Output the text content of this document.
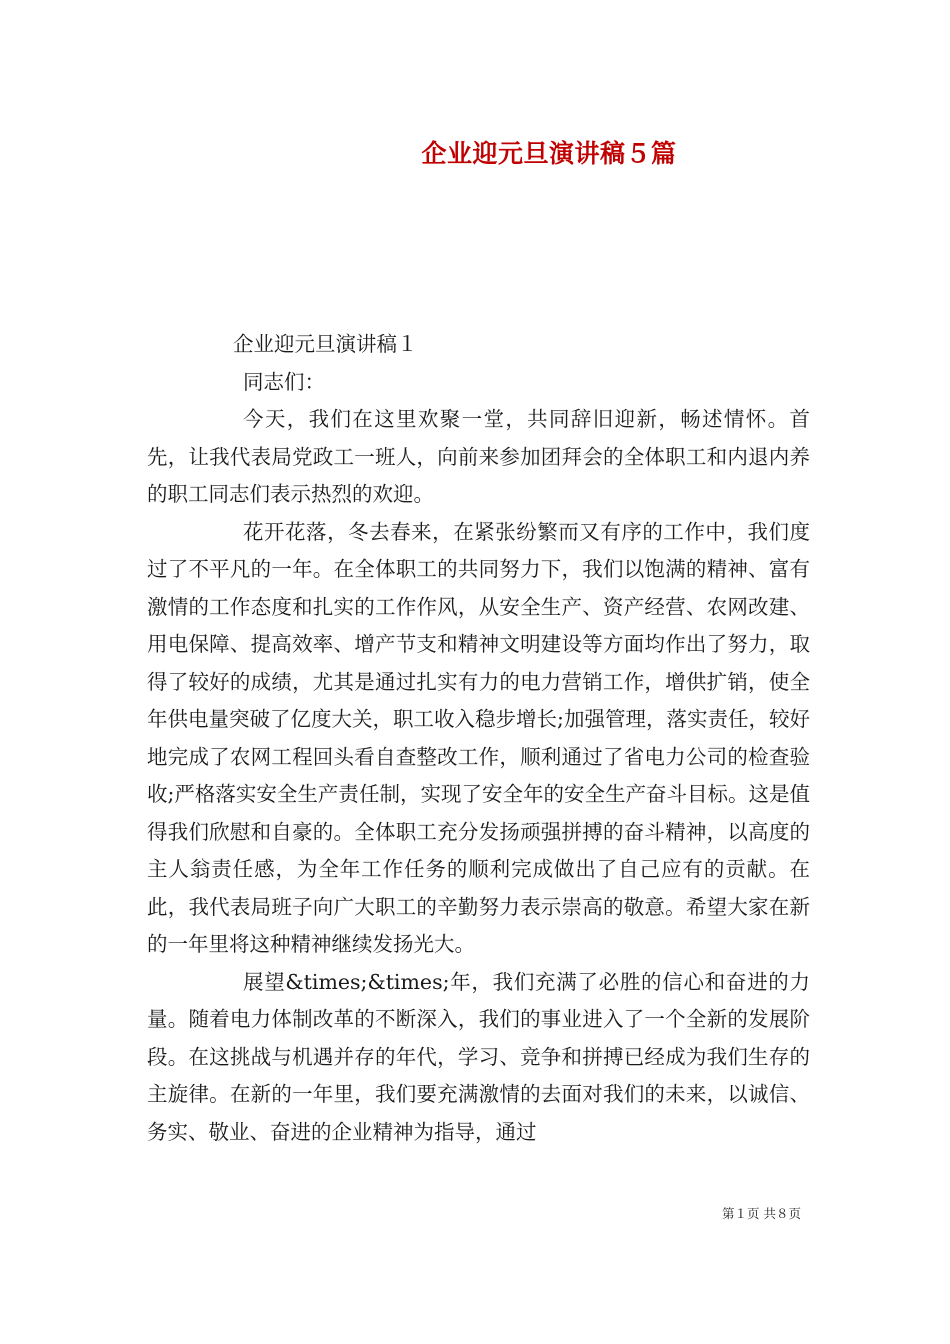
企业迎元旦演讲稿５篇

企业迎元旦演讲稿１

同志们：

今天，我们在这里欢聚一堂，共同辞旧迎新，畅述情怀。首先，让我代表局党政工一班人，向前来参加团拜会的全体职工和内退内养的职工同志们表示热烈的欢迎。

花开花落，冬去春来，在紧张纷繁而又有序的工作中，我们度过了不平凡的一年。在全体职工的共同努力下，我们以饱满的精神、富有激情的工作态度和扎实的工作作风，从安全生产、资产经营、农网改建、用电保障、提高效率、增产节支和精神文明建设等方面均作出了努力，取得了较好的成绩，尤其是通过扎实有力的电力营销工作，增供扩销，使全年供电量突破了亿度大关，职工收入稳步增长;加强管理，落实责任，较好地完成了农网工程回头看自查整改工作，顺利通过了省电力公司的检查验收;严格落实安全生产责任制，实现了安全年的安全生产奋斗目标。这是值得我们欣慰和自豪的。全体职工充分发扬顽强拼搏的奋斗精神，以高度的主人翁责任感，为全年工作任务的顺利完成做出了自己应有的贡献。在此，我代表局班子向广大职工的辛勤努力表示崇高的敬意。希望大家在新的一年里将这种精神继续发扬光大。

展望&times;&times;年，我们充满了必胜的信心和奋进的力量。随着电力体制改革的不断深入，我们的事业进入了一个全新的发展阶段。在这挑战与机遇并存的年代，学习、竞争和拼搏已经成为我们生存的主旋律。在新的一年里，我们要充满激情的去面对我们的未来，以诚信、务实、敬业、奋进的企业精神为指导，通过

第１页 共８页
